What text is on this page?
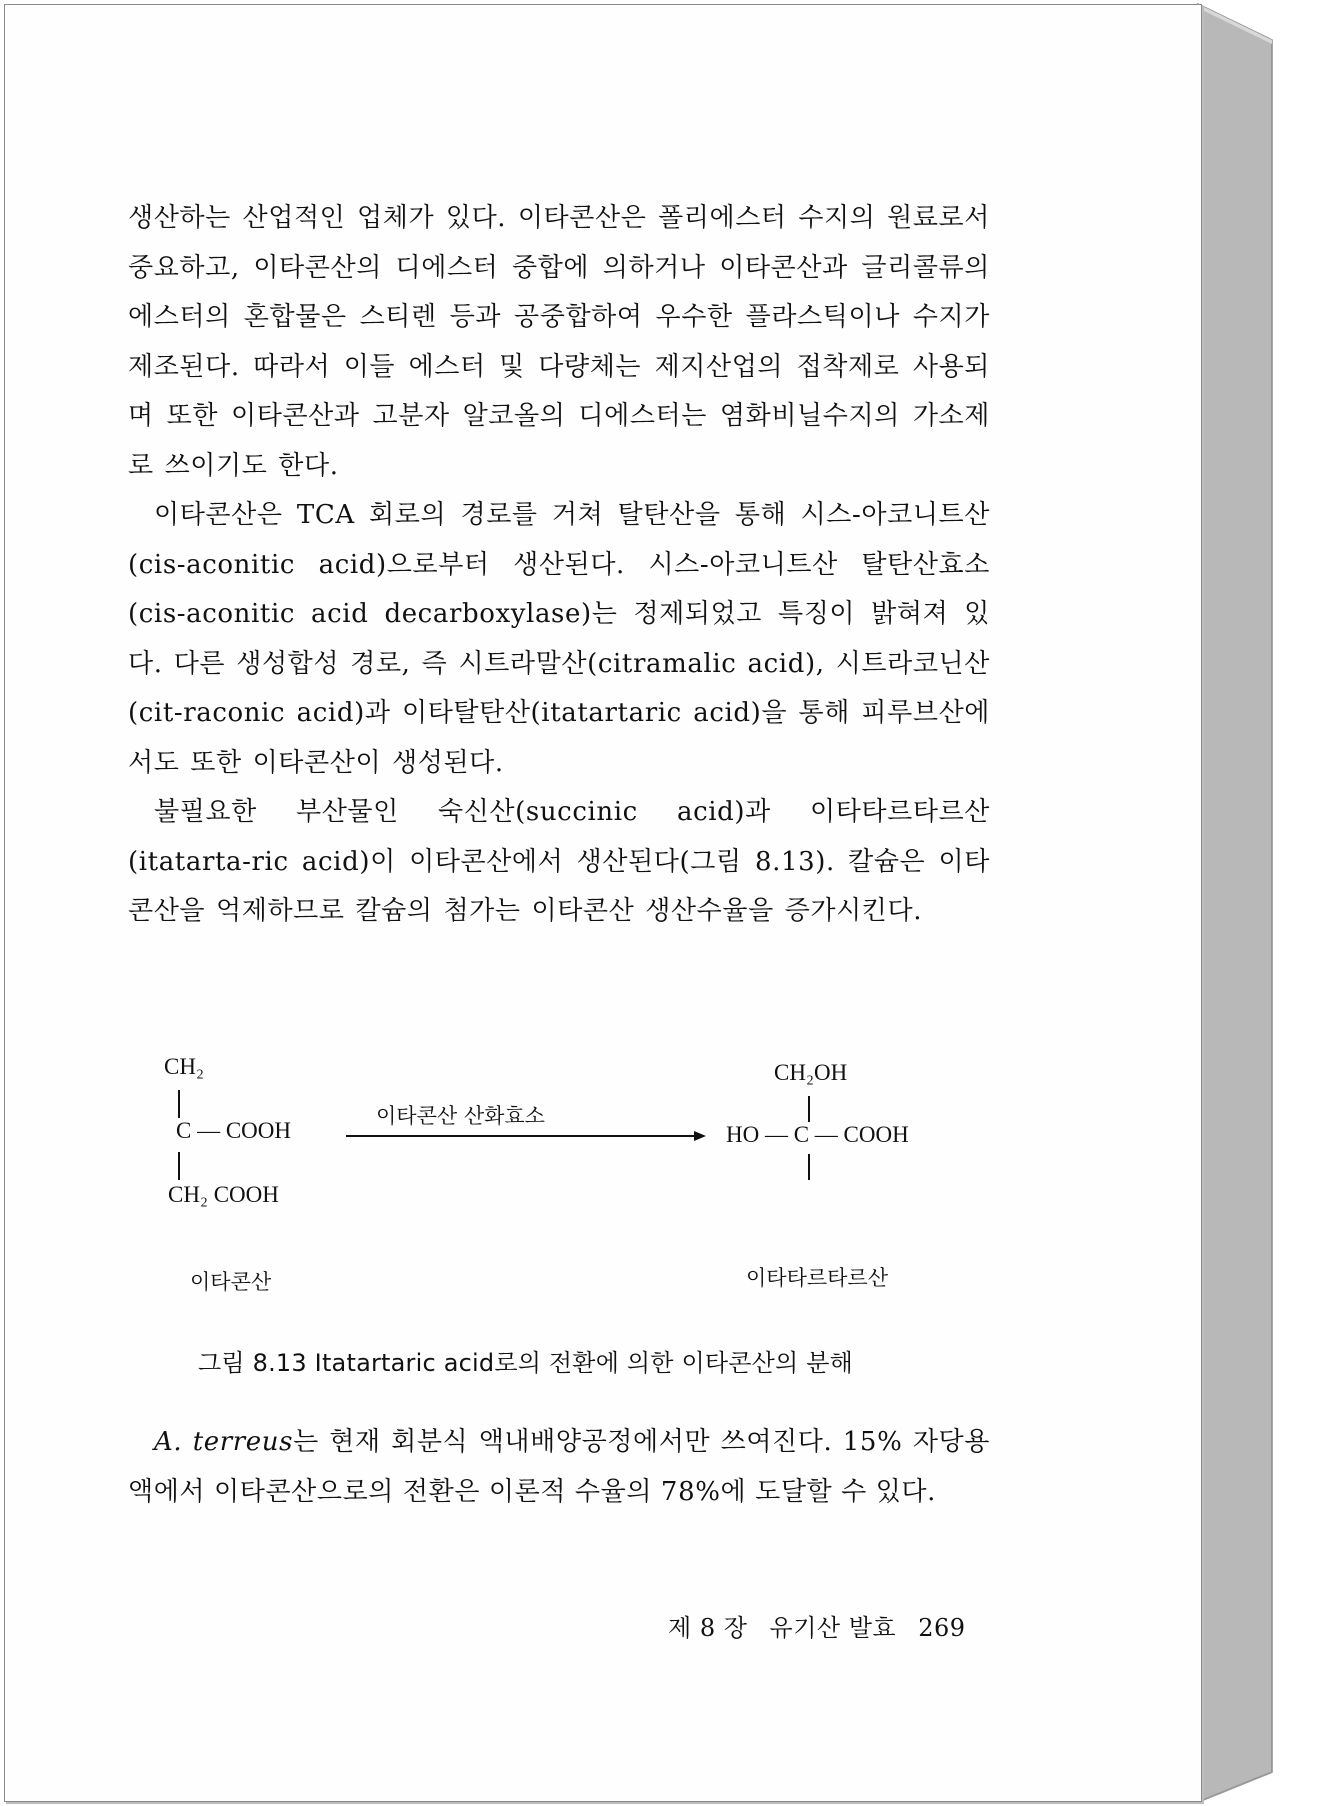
생산하는 산업적인 업체가 있다. 이타콘산은 폴리에스터 수지의 원료로서 중요하고, 이타콘산의 디에스터 중합에 의하거나 이타콘산과 글리콜류의 에스터의 혼합물은 스티렌 등과 공중합하여 우수한 플라스틱이나 수지가 제조된다. 따라서 이들 에스터 및 다량체는 제지산업의 접착제로 사용되며 또한 이타콘산과 고분자 알코올의 디에스터는 염화비닐수지의 가소제로 쓰이기도 한다.

이타콘산은 TCA 회로의 경로를 거쳐 탈탄산을 통해 시스-아코니트산(cis-aconitic acid)으로부터 생산된다. 시스-아코니트산 탈탄산효소(cis-aconitic acid decarboxylase)는 정제되었고 특징이 밝혀져 있다. 다른 생성합성 경로, 즉 시트라말산(citramalic acid), 시트라코닌산(cit-raconic acid)과 이타탈탄산(itatartaric acid)을 통해 피루브산에서도 또한 이타콘산이 생성된다.

불필요한 부산물인 숙신산(succinic acid)과 이타타르타르산(itatarta-ric acid)이 이타콘산에서 생산된다(그림 8.13). 칼슘은 이타콘산을 억제하므로 칼슘의 첨가는 이타콘산 생산수율을 증가시킨다.

CH₂
C — COOH
CH₂ COOH
이타콘산
이타콘산 산화효소
CH₂OH
HO — C — COOH
이타타르타르산
그림 8.13 Itatartaric acid로의 전환에 의한 이타콘산의 분해

A. terreus는 현재 회분식 액내배양공정에서만 쓰여진다. 15% 자당용액에서 이타콘산으로의 전환은 이론적 수율의 78%에 도달할 수 있다.

제 8 장 유기산 발효 269
